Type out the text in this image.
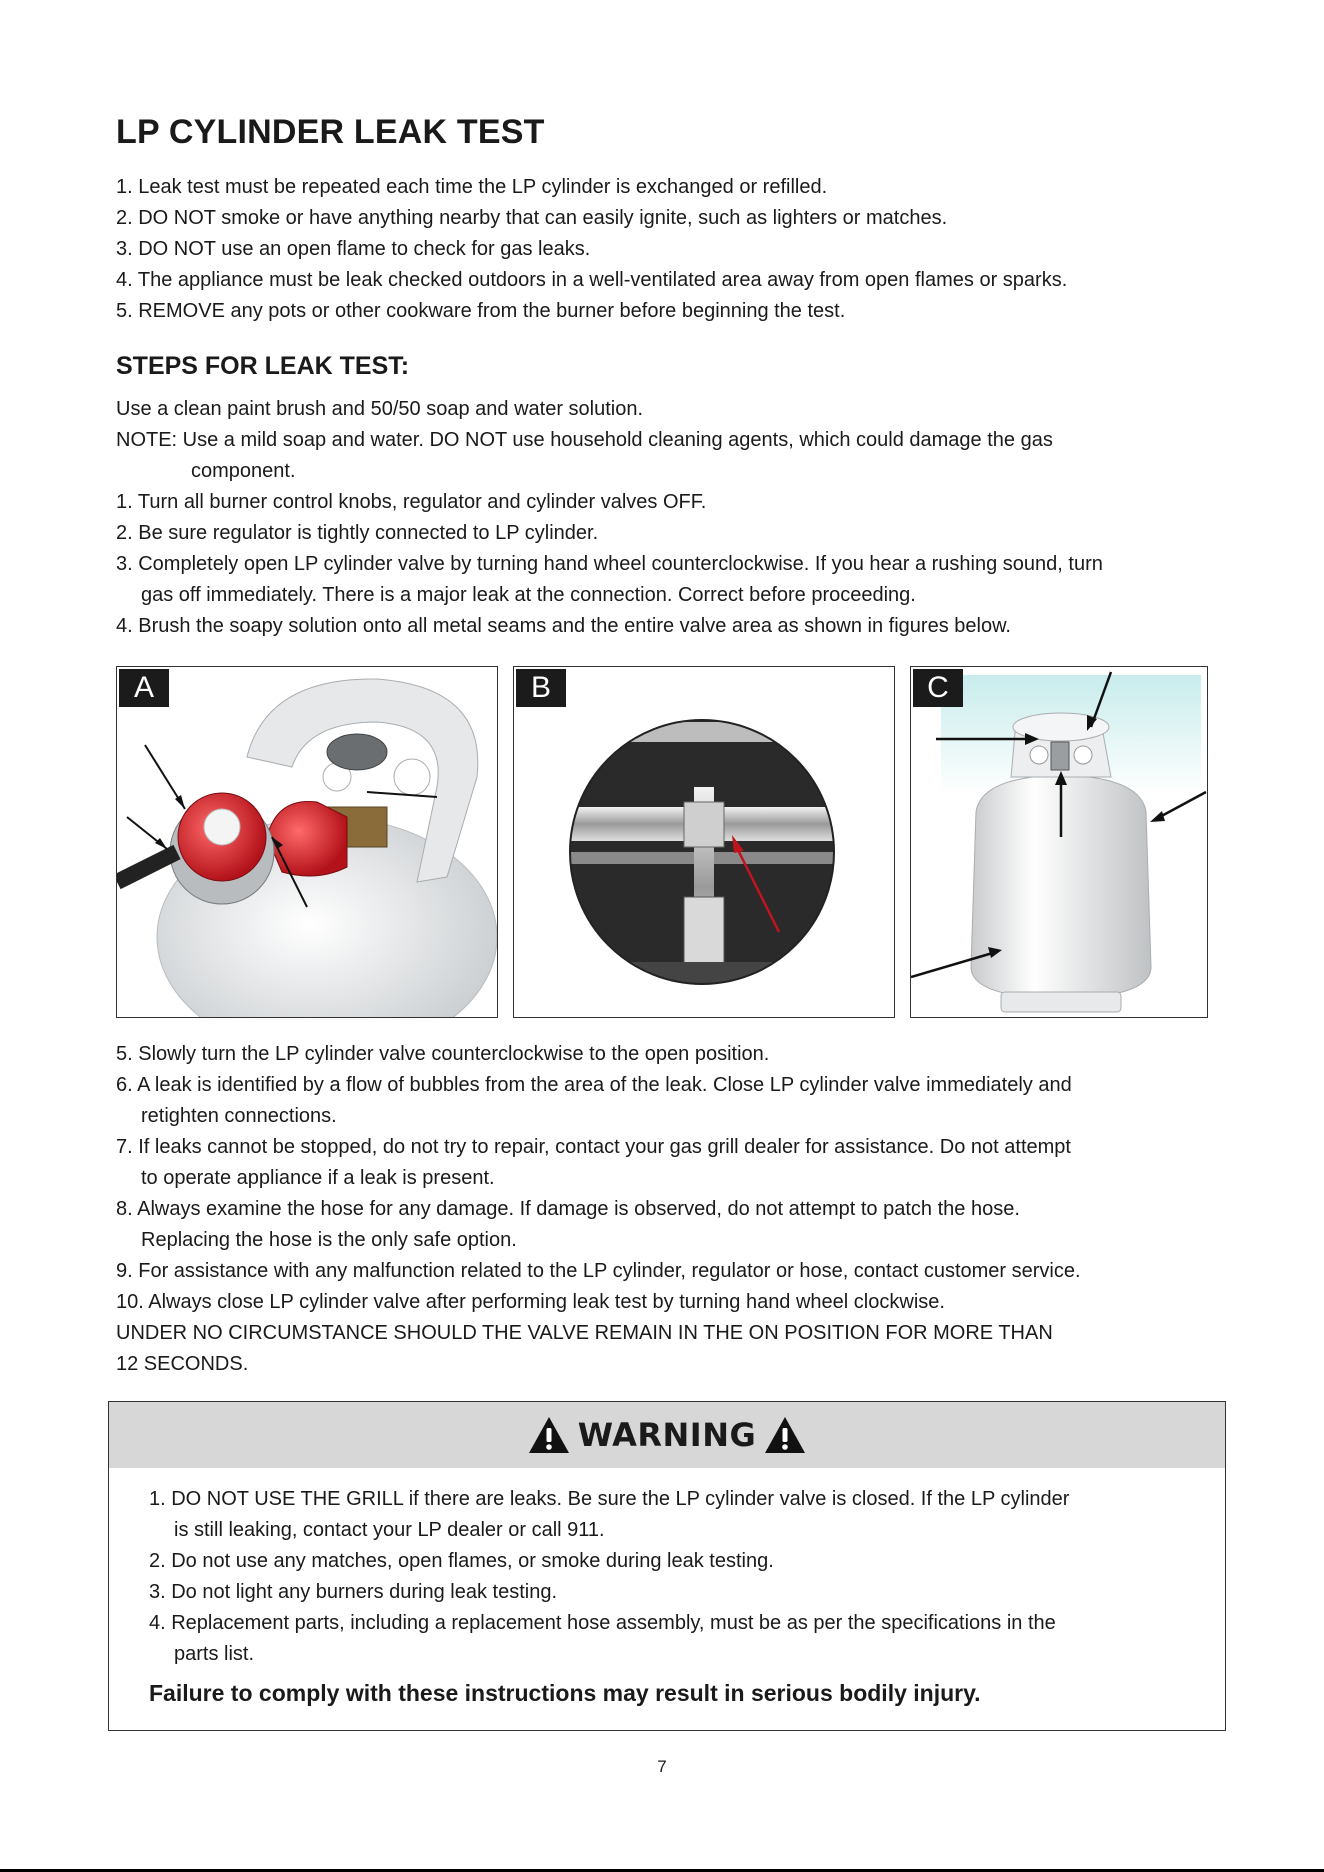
LP CYLINDER LEAK TEST
1. Leak test must be repeated each time the LP cylinder is exchanged or refilled.
2. DO NOT smoke or have anything nearby that can easily ignite, such as lighters or matches.
3. DO NOT use an open flame to check for gas leaks.
4. The appliance must be leak checked outdoors in a well-ventilated area away from open flames or sparks.
5. REMOVE any pots or other cookware from the burner before beginning the test.
STEPS FOR LEAK TEST:
Use a clean paint brush and 50/50 soap and water solution.
NOTE: Use a mild soap and water. DO NOT use household cleaning agents, which could damage the gas
component.
1. Turn all burner control knobs, regulator and cylinder valves OFF.
2. Be sure regulator is tightly connected to LP cylinder.
3. Completely open LP cylinder valve by turning hand wheel counterclockwise. If you hear a rushing sound, turn
gas off immediately. There is a major leak at the connection. Correct before proceeding.
4. Brush the soapy solution onto all metal seams and the entire valve area as shown in figures below.
A	B	C
5. Slowly turn the LP cylinder valve counterclockwise to the open position.
6. A leak is identified by a flow of bubbles from the area of the leak. Close LP cylinder valve immediately and
retighten connections.
7. If leaks cannot be stopped, do not try to repair, contact your gas grill dealer for assistance. Do not attempt
to operate appliance if a leak is present.
8. Always examine the hose for any damage. If damage is observed, do not attempt to patch the hose.
Replacing the hose is the only safe option.
9. For assistance with any malfunction related to the LP cylinder, regulator or hose, contact customer service.
10. Always close LP cylinder valve after performing leak test by turning hand wheel clockwise.
UNDER NO CIRCUMSTANCE SHOULD THE VALVE REMAIN IN THE ON POSITION FOR MORE THAN
12 SECONDS.
WARNING
1. DO NOT USE THE GRILL if there are leaks. Be sure the LP cylinder valve is closed. If the LP cylinder
is still leaking, contact your LP dealer or call 911.
2. Do not use any matches, open flames, or smoke during leak testing.
3. Do not light any burners during leak testing.
4. Replacement parts, including a replacement hose assembly, must be as per the specifications in the
parts list.
Failure to comply with these instructions may result in serious bodily injury.
7
